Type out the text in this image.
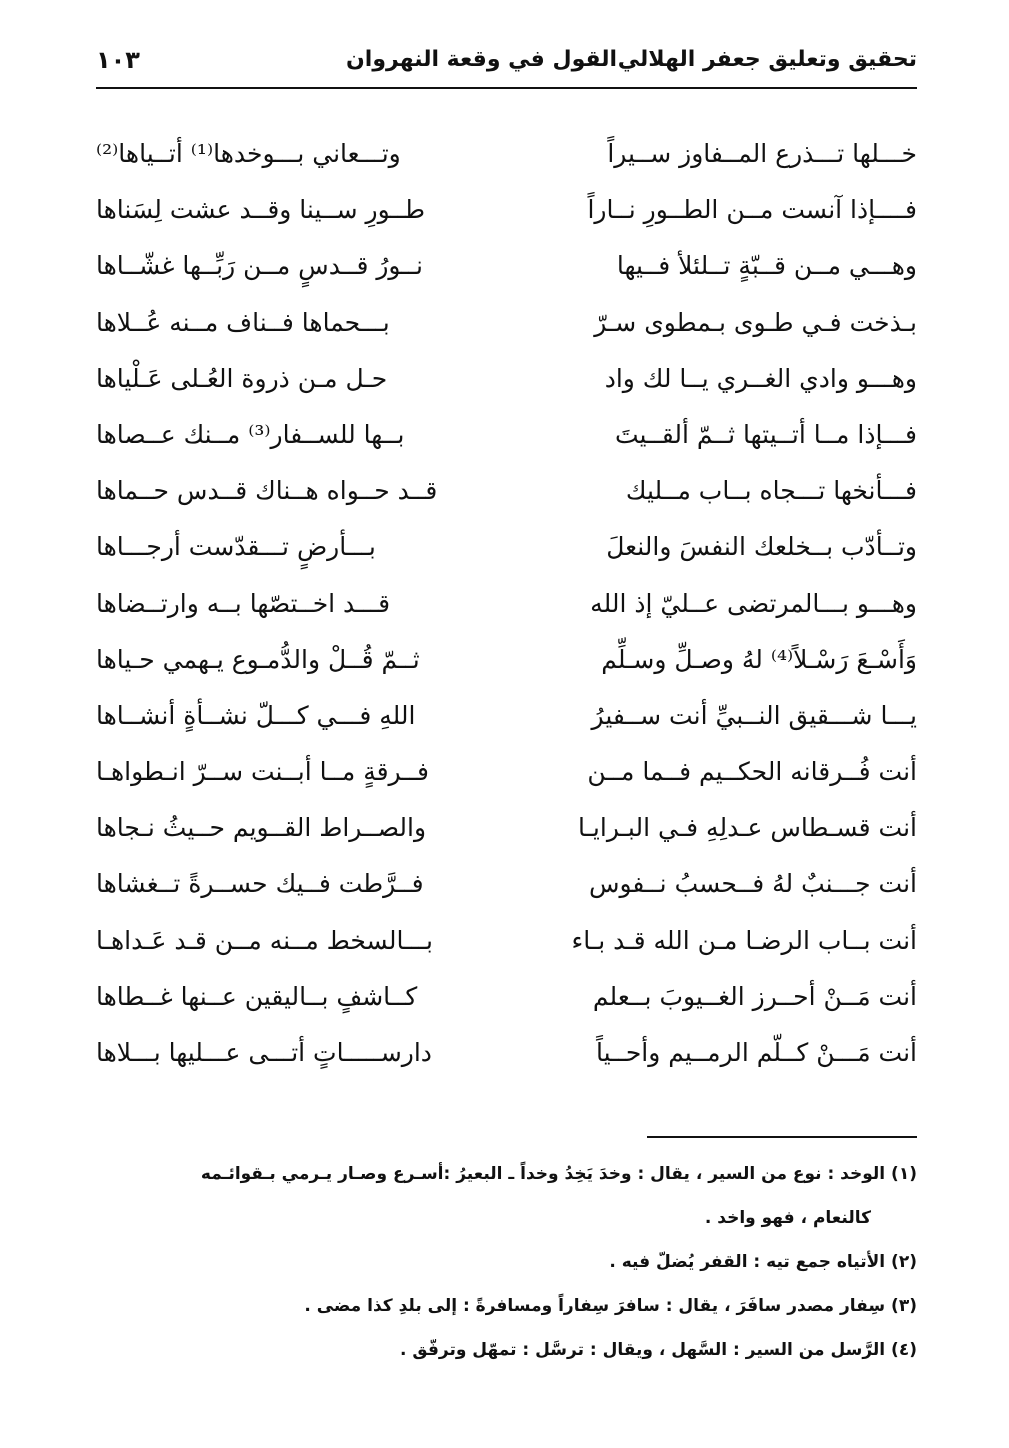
تحقيق وتعليق جعفر الهلالي
القول في وقعة النهروان
١٠٣
خـــلها تـــذرع المــفاوز ســيراً
وتـــعاني بـــوخدها⁽¹⁾ أتــياها⁽²⁾
فــــإذا آنست مــن الطــورِ نــاراً
طــورِ ســينا وقــد عشت لِسَناها
وهـــي مــن قــبّةٍ تــلئلأ فــيها
نــورُ قــدسٍ مــن رَبِّــها غشّــاها
بـذخت فـي طـوى بـمطوى سـرّ
بـــحماها فــناف مــنه عُــلاها
وهـــو وادي الغــري يــا لك واد
حـل مـن ذروة العُـلى عَـلْياها
فـــإذا مــا أتــيتها ثــمّ ألقــيتَ
بــها للســفار⁽³⁾ مــنك عــصاها
فـــأنخها تـــجاه بــاب مــليك
قــد حــواه هــناك قــدس حــماها
وتــأدّب بــخلعك النفسَ والنعلَ
بـــأرضٍ تـــقدّست أرجـــاها
وهـــو بـــالمرتضى عــليّ إذ الله
قـــد اخــتصّها بــه وارتــضاها
وَأَسْـعَ رَسْـلاً⁽⁴⁾ لهُ وصـلِّ وسـلِّم
ثــمّ قُــلْ والدُّمـوع يـهمي حـياها
يـــا شـــقيق النــبيِّ أنت ســفيرُ
اللهِ فـــي كـــلّ نشــأةٍ أنشــاها
أنت فُــرقانه الحكــيم فــما مــن
فــرقةٍ مــا أبــنت ســرّ انـطواهـا
أنت قسـطاس عـدلِهِ فـي البـرايـا
والصــراط القــويم حــيثُ نـجاها
أنت جـــنبٌ لهُ فــحسبُ نــفوس
فــرَّطت فــيك حســرةً تــغشاها
أنت بــاب الرضـا مـن الله قـد بـاء
بـــالسخط مــنه مــن قـد عَـداهـا
أنت مَــنْ أحــرز الغــيوبَ بــعلم
كــاشفٍ بــاليقين عــنها غــطاها
أنت مَـــنْ كــلّم الرمــيم وأحــياً
دارســـــاتٍ أتـــى عـــليها بـــلاها
(١) الوخد : نوع من السير ، يقال : وخدَ يَخِدُ وخداً ـ البعيرُ :أسـرع وصـار يـرمي بـقوائـمه
كالنعام ، فهو واخد .
(٢) الأتياه جمع تيه : القفر يُضلّ فيه .
(٣) سِفار مصدر سافَرَ ، يقال : سافرَ سِفاراً ومسافرةً : إلى بلدِ كذا مضى .
(٤) الرَّسل من السير : السَّهل ، ويقال : ترسَّل : تمهّل وترفّق .
